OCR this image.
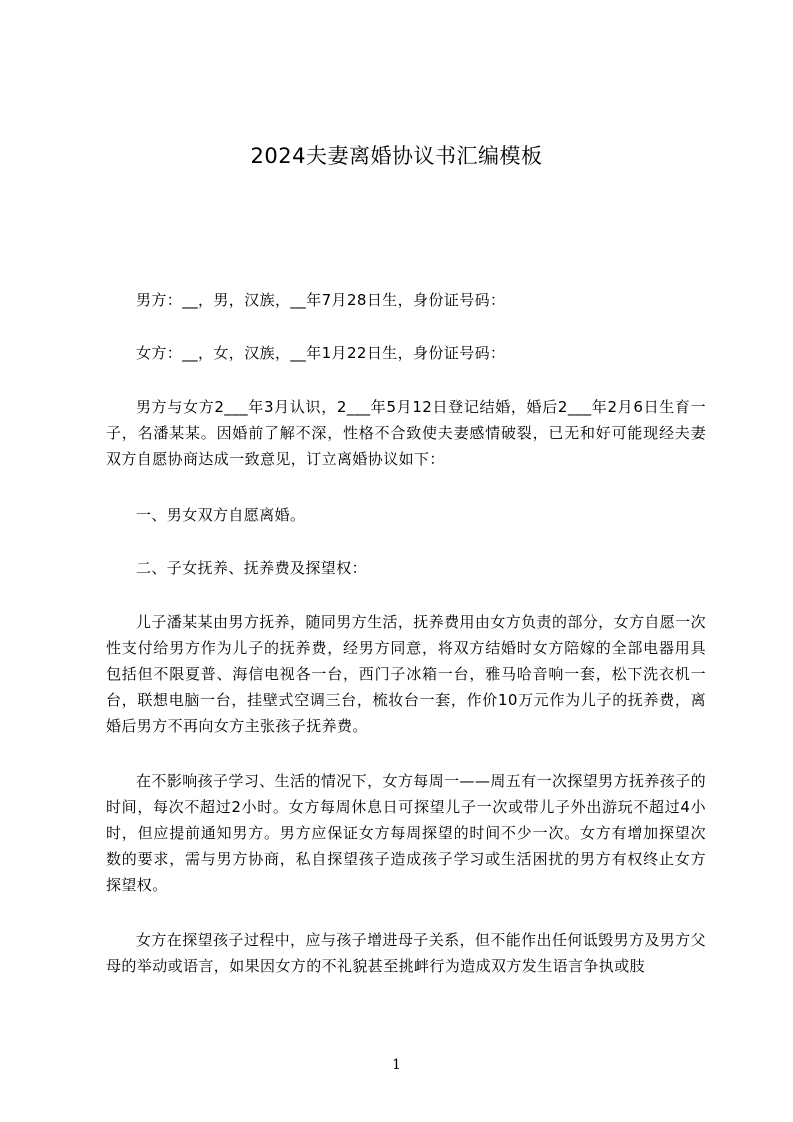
2024夫妻离婚协议书汇编模板

男方：__，男，汉族，__年7月28日生，身份证号码：

女方：__，女，汉族，__年1月22日生，身份证号码：

男方与女方2___年3月认识，2___年5月12日登记结婚，婚后2___年2月6日生育一子，名潘某某。因婚前了解不深，性格不合致使夫妻感情破裂，已无和好可能现经夫妻双方自愿协商达成一致意见，订立离婚协议如下：

一、男女双方自愿离婚。

二、子女抚养、抚养费及探望权：

儿子潘某某由男方抚养，随同男方生活，抚养费用由女方负责的部分，女方自愿一次性支付给男方作为儿子的抚养费，经男方同意，将双方结婚时女方陪嫁的全部电器用具包括但不限夏普、海信电视各一台，西门子冰箱一台，雅马哈音响一套，松下洗衣机一台，联想电脑一台，挂壁式空调三台，梳妆台一套，作价10万元作为儿子的抚养费，离婚后男方不再向女方主张孩子抚养费。

在不影响孩子学习、生活的情况下，女方每周一——周五有一次探望男方抚养孩子的时间，每次不超过2小时。女方每周休息日可探望儿子一次或带儿子外出游玩不超过4小时，但应提前通知男方。男方应保证女方每周探望的时间不少一次。女方有增加探望次数的要求，需与男方协商，私自探望孩子造成孩子学习或生活困扰的男方有权终止女方探望权。

女方在探望孩子过程中，应与孩子增进母子关系，但不能作出任何诋毁男方及男方父母的举动或语言，如果因女方的不礼貌甚至挑衅行为造成双方发生语言争执或肢

1
